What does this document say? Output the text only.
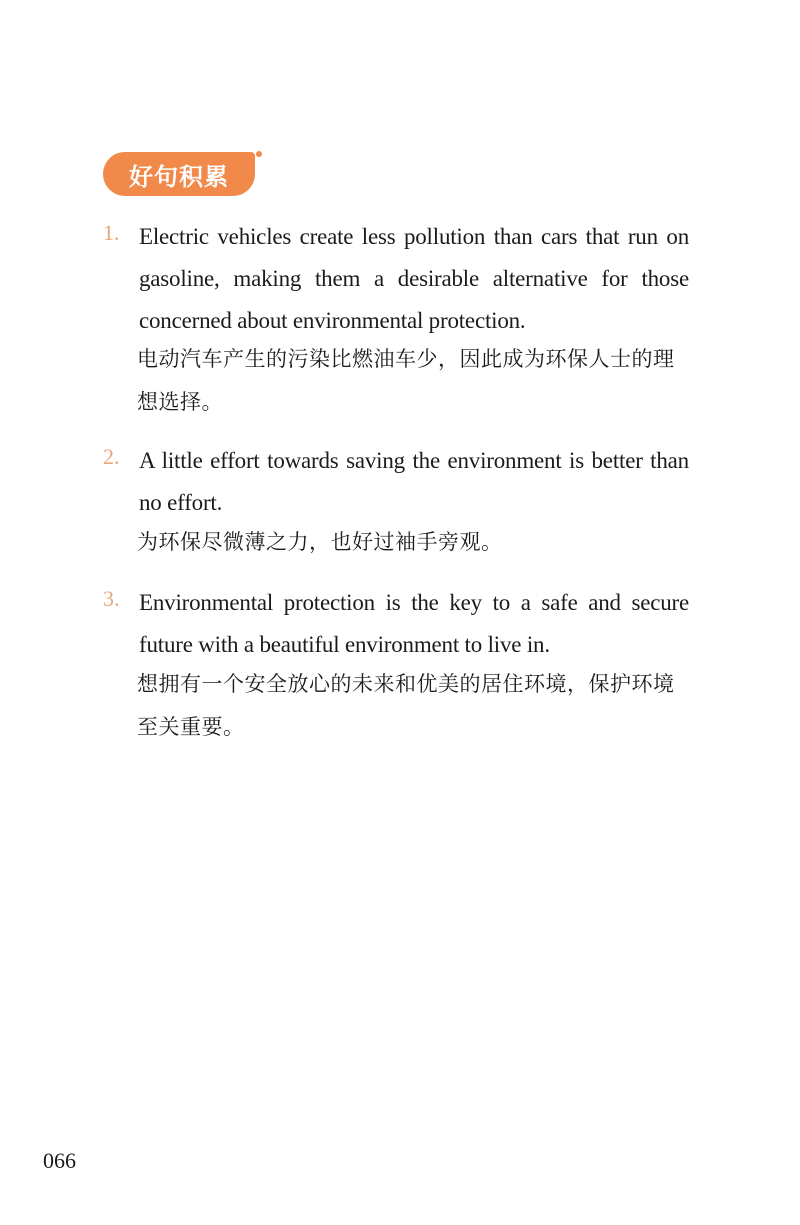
好句积累
1. Electric vehicles create less pollution than cars that run on gasoline, making them a desirable alternative for those concerned about environmental protection.
电动汽车产生的污染比燃油车少，因此成为环保人士的理想选择。
2. A little effort towards saving the environment is better than no effort.
为环保尽微薄之力，也好过袖手旁观。
3. Environmental protection is the key to a safe and secure future with a beautiful environment to live in.
想拥有一个安全放心的未来和优美的居住环境，保护环境至关重要。
066
